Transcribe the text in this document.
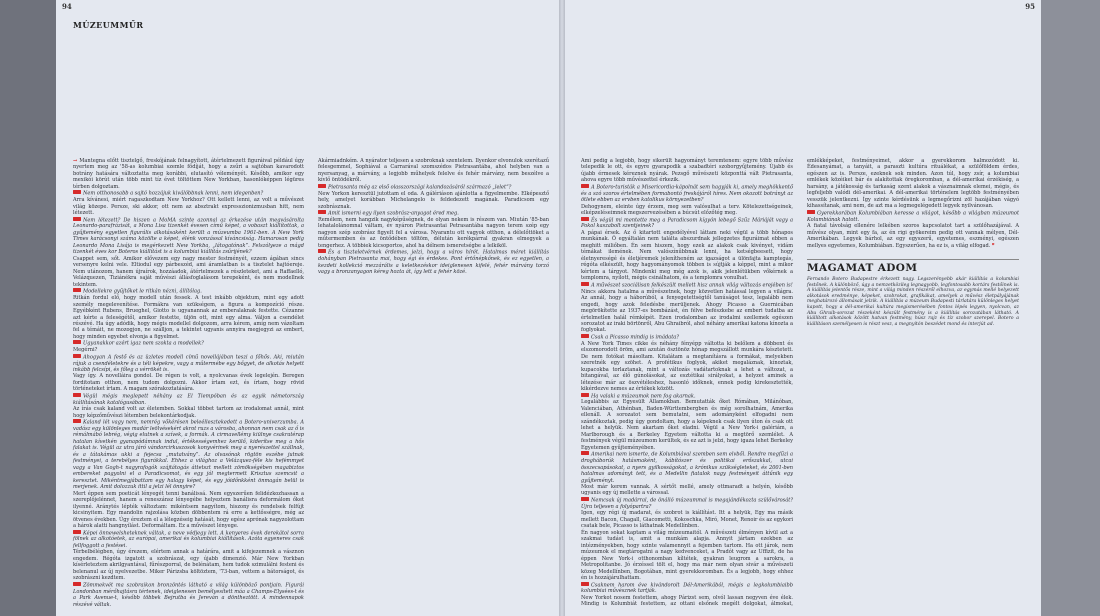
94
MÚZEUMMŰR

→ Mantegna előtt tisztelgő, freskójának felnagyított, átértelmezett figuráival például úgy nyertem meg az '58-as kolumbiai szemle fődíját, hogy a zsűri a sajtóban kavarodott botrány hatására változtatta meg korábbi, elutasító véleményét. Később, amikor egy mexikói körút után több mint tíz évet töltöttem New Yorkban, hasonlóképpen légüres térben dolgoztam.

Nem otthonosabb a sajtó hozzájuk kiválóbbnak lenni, nem idegenben?

Arra kívánesi, miért ragaszkodtam New Yorkhoz? Ott kellett lenni, az volt a művészet világ közepe. Persze, ski akkor, ott nem az absztrakt expresszionizmusban hitt, nem létezett.

Nem létezett? De hiszen a MoMA szinte azonnal az érkezése után megvásárolta Leonardo-parafrázisát, a Mona Lisa tizenkét évesen című képet, a vobaszt kiállítottak, a gyűjtemény egyetlen figurális alkotásaként került a múzeumba 1961-ben. A New York Times karácsonyi száma közölte a képet, élénk vonzással kíváncsiság. Hamarosan pedig Leonardo Mona Lisája is megérkezett New Yorkba, „látogatónak”. Felszólyeze a mágd tizenkét éves kor Boteros kiállítást is a kolumbiai kiállítás zsűrijének?

Csappet sem, sőt. Amikor elővezem egy nagy mester festményét, ezzem ágában sincs versenyre kelni vele. Eltiodul egy párbeszéd, ami áramlatban is a tisztelet hajtóereje. Nem utánozom, hanem újraírok, hozzáadok, átértelmezek a részleteket, ami a Raffaelló, Velázquezen, Tiziánékra saját művészi állásfoglalásom terepeként, és nem modellnek tekintem.

Modellekre gyűjtőket le ritkán nézni, állítólag.

Ritkán fordul elő, hogy modell után fessek. A test inkább objektum, mint egy adott személy megelevenítése. Formákra van szükségem, a figura a kompozíció része. Egyébként Rubens, Brueghel, Giotto is ugyanannak az emberalaknak festette. Cézanne azt kérte a feleségétől, amikor festette, üljön ott, mint egy alma. Váljon a csendélet részévé. Ha úgy adódik, hogy mégis modellel dolgozom, arra kérem, amíg nem vázoltam fel a témáit, ne mozogjon, ne szálljon, a tekintet ugyanis annyira megjegyzi az embert, hogy minden egyebet elvonja a figyelmet.

Ugyanakkor azért igaz nem szokta a modellek?

Megérni?

Ahogyan A festő és az üzletes modell című novellájában teszi a főhős. Aki, miután rájuk a csendéletekre és a téli képekre, vagy a műtermébe egy bőgyet, de alkotás helyett inkább felcsípi, és főleg a vérrökét is.

Vagy így. A novelláira gondol. De régen is volt, a nyolcvanas évek legelején. Beregen forditotam otthon, nem tudom dolgozni. Akkor írtam ezt, és írtam, hogy rövid történeteket írtam. A magam szórakoztatására.

Végül mégis meglepett néhány az El Tiempóban és az egyik németország kiállításának katalógusában.

Az írás csak kaland volt az életemben. Sokkal többet tartom az irodalomat annál, mint hogy képzőművészi létemben belekontárkodjak.

Kaland lét vagy nem, nemrég vőkérésen beleéllesztekedett a Botero-univerzumba. A vadász egy különleges madár leölvésekért akrot ruzs a városba, ahonnan nem csak az ő is rémálmábó lebrég, végig elutnek a szívek, a formák. A cirmavellémy kiülnye csakratérap hatalan kívetkén gyanapódámnak indul, értékességemhez kerülő, kiderítse meg a hős falakat is. Végül az utra járó vándorcirkuszosok konyvérinek meg a nyerészettel szállnak, és a tátakámas ukki a fejecsa „mutatvány”. Az olvasónak rögtön eszébe jutnak festményei, a terebélyes figurákkal. Ehhez a világhoz a Velázquez-féle kis hefémmyet vagy a Van Gogh-t nagyrafogók szájtátogás áttetszt mellett zömökségében magabiztos embereket pagyolni el a Paradicsomot, és egy jól megtermett Krisztus szemcsit a keresztet. Mikéntmegjábattam egy halagy képet, és egy jóidőnkként önmagán belül is merjenek. Amit dolozzuk ittil a jelzi lél önnyire?

Mert éppen sem poeticát lényegét tenni banálissá. Nem egyszerűen felidézkozhassan a szereplőjelénnet, hanem a reneszánsz lényegébe helyeztem banálisra deformálom őket ilyenné. Aránytés lépték változtam: mikéntsem nagyítom, hiszony és rendelsek felfújt kicsinyitem. Egy mandolin rajzolása közben döbbentem rá erre a kettősségre, még az ötvenes években. Úgy éreztem el a lélegzéseig hatását, hogy egész aprónak nagyzolottam a hárok alatti hangnyílást. Deformáltam. Ez a művészet lényege.

Képei önnewelsheteknek váltak, a neve védjegy lett. A kenyeres évek derekátol sorra fölnek az alkotóetek, az európai, amerikai és kolumbiai kiállítások. Azóta egyeneres csak fellfoggott a festései.

Térbelbélégben, úgy érezem, elértem annak a határára, amit a kifejezemnek a vásznon engedem. Régóta izgatott a szobrászat, egy újabb dimenzió. Már New Yorkban kísérleteztem akrilgyantával, fűrészporral, de belénátam, hem tudok szimulálni festeni és belenanul az új nyelvezetbe. Miker Párizsba költöztem, '73-ban, vettem a bátorságot, és szobrászni kezdtem.

Zömmekvét ma szobraikon bronzöntés látható a világ különböző pontjain. Figurái Londonban mérőhajtásra tértenek, ideiglenesen bemélyesített máa a Champs-Elysées-t és a Park Avenue-t, később többek Bejrutba és Jereván a döntheztött. A mindennapok részévé váltak.

Akármiadnkém. A nyárator teljesen a szobroknak szentelem. Ilyenkor elvonulok szerétazű felesgemmel, Sophiával a Carrarával szomszédos Pietrasantába, ahol helyben van a nyersanyag, a márvány, a legjobb műhelyek felelve és fehér márvány, nem beszélve a kívlő öntödékről.

Pietrasanta még az első olasszországi kalandozásáról származó „lelet”?

New Yorkon keresztül jutottam el oda. A gálériáson ajánlotta a figyelmembe. Elképesztő hely, amelyet korábban Michelangelo is feldedezett magának. Paradicsom egy szobrásznak.

Amit ismerni egy ilyen szobrász-anyagot éred meg.

Remélem, nem hangzik nagyképűségnek, de olyan nekem is részem van. Miután '85-ban lehatalolánomnal váltam, év nyáron Pietrasantai Petrasantába nagyon terem szép egy nagyon szép szobrász figyelt fel a városa. Nyarantu ott vagyok otthon, a délelőttöket a műtermemben és az öntődében töltöm, délután kerékpárral gyakran elmegyek a tengerhez. A többiek kicsoportos, ahol ha délnem ismeretségbe a lelkiköl.

És a tiszteletvérnek érdemes, jelzi, hogy a város hírét. Hatalmas méret kiállítás dohányban Pietrasanta mai, hogy égi és érdekes. Pont értőnépkőnek, és ez egyetlen, a kezdeti kollekció mezzárális a keletkezéskor ideiglenesen kifelé, fehér márvány torzó vagy a bronzanyagon kéreg hozta át, így lett a fehér közé.

95

Ami pedig a legjobb, hogy sikerült hagyományt teremtenem: egyre több művész telepedik le ott, és egyre gyarapodik a szabadtéri szoborgyűjtemény. Újabb és újabb érmesek kéreznek nyárak. Pezsgő művészeti központtá vált Pietrasanta, ahova egyre több művészettel érkezik.

A Botero-turisták a Misericordia-kápolnát sem hagyják ki, amely meghökkentő és a szó szoros értelmében formabontó freskójáról híres. Nem okozott botrányt az ötlete ebben az ervben katolikus környezetben?

Dehogynem, eleinte úgy érzem, meg sem valósulhat a terv. Kötelezettségeinek, elképzeléseimnek megszervezésében a búcsút előzőtég meg.

És végül mi mentette meg a Paradicsom kígyón lebegő Szűz Máriáját vagy a Pokol kaszabolt szentjeinek?

A pápai érsek. Az ő kitartott engedélyével láttam neki végül a több hónapos munkának. Ő egyáltalán nem találta abszurdnak jellegzetes figuráimat ebben a meghitt miliőben. Én sem hiszem, hogy ezek az alakok csak kivényet, vidám témákat ilemének. Nem valószínűbbnak lenni, ha ketségbeesett, hogy életnyereségé és életjéremek jelenítheném az igazságot a ülönfajta kamptegás, régóta elkészült, hogy hagyományomok többen is sújtják a képpel, mint a mikor kértem a tárgyot. Mindenki meg még azok is, akik jelenlétükben vőkérnek a templomra, nyílott, mégis csinálhatom, és a templomra vonulhat.

A művészet szociálisan felkészült mellett hisz annak világ változás erejében is!

Nincs akkora hatalma a művészetnek, hogy közvetlen hatással legyen a világra. Az annál, hogy a háborúból, a fenyegetettségtől tanúságot tesz, legalább nem engedi, hogy azok feledésbe merüljenek. Ahogy Picasso a Guernicában megörökítette az 1937-es bombázást, én félve befészkebe az emberi tudatba az értelmetlen halál rémképét. Ezen irodalomban az irodalmi szellemek egészen sorozatot az iraki börtönről, Abu Ghraibról, ahol néhány amerikai katona kínozta a foglyokat.

Csak a Picasso mindig is imádata?

A New York Times cikke és néhány fényépp váltotta ki belőlem a döbbent és elszomorodott öröm, ami azután ösztönöz hónap megszállott munkára késztetett. De nem fotókat másoltam. Kitalátam a megtanításra a formákat, melyekben szeretnék egy szöhet. A profétikus foglyok, akiket megaláznak, kínoztak, kupacokba torlaztanak, mint a változás vadátartoknak a lehet a változat, a bitangával, az élő gúnolásokat, az esztétikai sirályokat, a helyzet aminek a létezése már az öszvétéleshez, hasonló időknek, ennek pedig kirekesztették, kikérdezve nemes az értékek között.

Ha valaki a múzeumok nem fog akarnak.

Legalábbis az Egyesült Államokban. Bemutatták őket Rómában, Milánóban, Valenciában, Athénban, Baden-Württembergben és még sorolhatnám, Amerika ellenáll. A sorozatot sem bemutatni, sem adományként elfogadni nem szándékoztak, pedig úgy gondoltam, hogy a képeknek csak ilyen úton és csak ott lehet a helyük. Nem akartam őket eladni. Végül a New York-i galériám, a Marlborough és a Berkeley Egyetem váltotta ki a megtörő szemlélet. A festmények végül múzeumom kerültek, és ez azt is jelzi, hogy igaza lehet Berkeley Egyetemen gyűjteményében.

Amerikai nem ismerte, de Kolumbiával szemben sem elvből. Rendre megfűzi a drogháborúk hatásmaként, kábítószer és politikai erőszakkal, utcai összecsapásokat, a nyers gyilkosságokat, a krónikus szükségleteket, és 2001-ben hatalmas adományt tett, és a Medellin fiatalok nagy festményeit áttűnik egy gyűjteményt.

Most már kerem vannak. A sértőt mellé, amely ottmaradt a helyén, később ugyanis egy új mellette a várossal.

Nemcsak új madárral, de önálló múzeummal is megajándékozta szülővárosát? Újra teljesen a folyópartra?

Igen, egy régi új madarat, és szobrot is kiállítást. Itt a helyük, Egy ma másik mellett Bacon, Chagall, Giacometti, Kokoschka, Miró, Monet, Renoir és az egykori csatak bele, Picasso is láthatnak Medellínben.

Én nagyon sokat kaptam a világ múzeumaitól. A művészeti élményen kívül azt a szakmai tudást is, amit a munkám alapja. Annyit jártam ezekben az intézményekben, hogy szinte valamennyit a fejemben tartom. Ha ott járok, nem múzeumok el megtárogatni a nagy kedvenceket, a Pradót vagy az Uffizit, de ha éppen New York-i otthonomban kíltétek, gyakran leugrom a sarokra, a Metropolitanbe. Jó érzéssel tölt el, hogy ma már nem olyan sivár a művészeti közeg Medellínben, Bogotában, mint gyerekkoromban. És a legjobb, hogy ehhez én is hozzájárulhattam.

Csaknem harom éve kivándorolt Dél-Amerikából, mégis a legkolumbiaibb kolumbiai művésznek tartják.

New Yorkot nosem festettem, ahogy Párizst sem, olvól lassan negyven éve élek. Mindig is Kolumbiát festettem, az ottani elsőnek megélt dolgokat, álmokat, emlékképeket, festményeimet, akkor a gyerekkorom halmozódott ki. Édesanyámat, a tanyáit, a paraszti kultúra rituálékat, a szülőföldem érdes, egészen az is. Persze, ezeknek sok minden. Azon túl, hogy zsír, a kolumbiai emlékek közéiket bár és alakítottak öregkoromban, a dél-amerikai érzékiség, a harsány, a játékosság és tarkaság szent alakok a vásznaimnak elemei, mégis, és legfeljebb valódi dél-amerikai. A dél-amerikai történelem legtöbb festményében vesszük jelentkezni. Így szinte kérdésünk a legmegőrizni zöl hazájában vágyó kihassítanak, ami nem, de azt ma a legmegelégedett legyek nyilvánosan.

Gyerekkorában Kolumbiában keresse a világot, később a világban múzeumot Kolumbiának hatott.

A fiatal távolság ellenére lelkében szoros kapcsolatot tart a szülőhazájával. A művész olyan, mint egy fa, az én rigi gyökereim pedig ott vannak mélyen, Dél-Amerikában. Legyek bárhol, az egy egyszerű, egyetemes, eszményi, egészen mellyes egyetemes, Kolumbiában. Egyszerűen, ha ez is, a világ elfogad. ❞

MAGAMAT ADOM

Fernando Botero Budapestre érkezett nagy. Legszerényebb akár kiállítás a kolumbiai festőnek. A különböző, úgy a nemzetközileg legnagyobb, legfontosabb kortárs festőinek is. A kiállítás jelentős része, mint a világ minden részéről elhozva, az egymás mellé helyezett alkotások eredménye, képeket, szobrokat, grafikákat, amelyek a művész életpályájának meghatározó állomásait jelzik. A kiállítás a múzeum Budapesti tárlatára különleges helyet kapott, hogy a dél-amerikai kultúra megismerésében fontos lépés legyen, nyolcvan, az Abu Ghraib-sorozat részeként készült festmény is a kiállítás sorozatában látható. A kiállított alkotások között hatvan festmény, húsz rajz és tíz szobor szerepel. Botero a kiállításon személyesen is részt vesz, a megnyitón beszédet mond és interjút ad.
